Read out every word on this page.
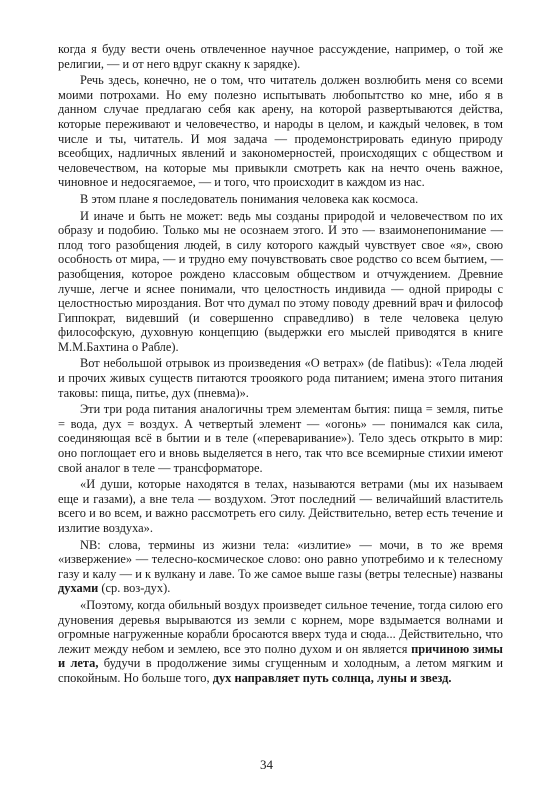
когда я буду вести очень отвлеченное научное рассуждение, например, о той же религии, — и от него вдруг скакну к зарядке).

Речь здесь, конечно, не о том, что читатель должен возлюбить меня со всеми моими потрохами. Но ему полезно испытывать любопытство ко мне, ибо я в данном случае предлагаю себя как арену, на которой развертываются действа, которые переживают и человечество, и народы в целом, и каждый человек, в том числе и ты, читатель. И моя задача — продемонстрировать единую природу всеобщих, надличных явлений и закономерностей, происходящих с обществом и человечеством, на которые мы привыкли смотреть как на нечто очень важное, чиновное и недосягаемое, — и того, что происходит в каждом из нас.

В этом плане я последователь понимания человека как космоса.

И иначе и быть не может: ведь мы созданы природой и человечеством по их образу и подобию. Только мы не осознаем этого. И это — взаимонепонимание — плод того разобщения людей, в силу которого каждый чувствует свое «я», свою особность от мира, — и трудно ему почувствовать свое родство со всем бытием, — разобщения, которое рождено классовым обществом и отчуждением. Древние лучше, легче и яснее понимали, что целостность индивида — одной природы с целостностью мироздания. Вот что думал по этому поводу древний врач и философ Гиппократ, видевший (и совершенно справедливо) в теле человека целую философскую, духовную концепцию (выдержки его мыслей приводятся в книге М.М.Бахтина о Рабле).

Вот небольшой отрывок из произведения «О ветрах» (de flatibus): «Тела людей и прочих живых существ питаются трооякого рода питанием; имена этого питания таковы: пища, питье, дух (пневма)».

Эти три рода питания аналогичны трем элементам бытия: пища = земля, питье = вода, дух = воздух. А четвертый элемент — «огонь» — понимался как сила, соединяющая всё в бытии и в теле («переваривание»). Тело здесь открыто в мир: оно поглощает его и вновь выделяется в него, так что все всемирные стихии имеют свой аналог в теле — трансформаторе.

«И души, которые находятся в телах, называются ветрами (мы их называем еще и газами), а вне тела — воздухом. Этот последний — величайший властитель всего и во всем, и важно рассмотреть его силу. Действительно, ветер есть течение и излитие воздуха».

NB: слова, термины из жизни тела: «излитие» — мочи, в то же время «извержение» — телесно-космическое слово: оно равно употребимо и к телесному газу и калу — и к вулкану и лаве. То же самое выше газы (ветры телесные) названы духами (ср. воз-дух).

«Поэтому, когда обильный воздух произведет сильное течение, тогда силою его дуновения деревья вырываются из земли с корнем, море вздымается волнами и огромные нагруженные корабли бросаются вверх туда и сюда... Действительно, что лежит между небом и землею, все это полно духом и он является причиною зимы и лета, будучи в продолжение зимы сгущенным и холодным, а летом мягким и спокойным. Но больше того, дух направляет путь солнца, луны и звезд.

34
